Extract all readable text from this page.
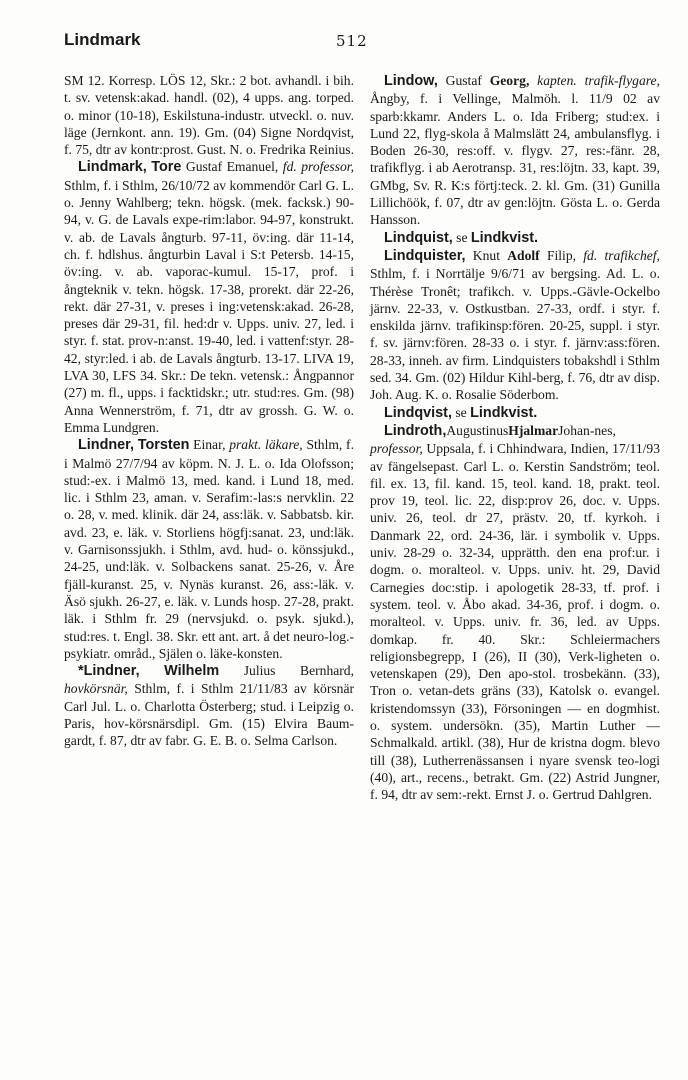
Lindmark	512

SM 12. Korresp. LÖS 12, Skr.: 2 bot. avhandl. i bih. t. sv. vetensk:akad. handl. (02), 4 upps. ang. torped. o. minor (10-18), Eskilstuna-industr. utveckl. o. nuv. läge (Jernkont. ann. 19). Gm. (04) Signe Nordqvist, f. 75, dtr av kontr:prost. Gust. N. o. Fredrika Reinius.

Lindmark, Tore Gustaf Emanuel, fd. professor, Sthlm, f. i Sthlm, 26/10/72 av kommendör Carl G. L. o. Jenny Wahlberg; tekn. högsk. (mek. facksk.) 90-94, v. G. de Lavals expe-rim:labor. 94-97, konstrukt. v. ab. de Lavals ångturb. 97-11, öv:ing. där 11-14, ch. f. hdlshus. ångturbin Laval i S:t Petersb. 14-15, öv:ing. v. ab. vaporac-kumul. 15-17, prof. i ångteknik v. tekn. högsk. 17-38, prorekt. där 22-26, rekt. där 27-31, v. preses i ing:vetensk:akad. 26-28, preses där 29-31, fil. hed:dr v. Upps. univ. 27, led. i styr. f. stat. prov-n:anst. 19-40, led. i vattenf:styr. 28-42, styr:led. i ab. de Lavals ångturb. 13-17. LIVA 19, LVA 30, LFS 34. Skr.: De tekn. vetensk.: Ångpannor (27) m. fl., upps. i facktidskr.; utr. stud:res. Gm. (98) Anna Wennerström, f. 71, dtr av grossh. G. W. o. Emma Lundgren.

Lindner, Torsten Einar, prakt. läkare, Sthlm, f. i Malmö 27/7/94 av köpm. N. J. L. o. Ida Olofsson; stud:-ex. i Malmö 13, med. kand. i Lund 18, med. lic. i Sthlm 23, aman. v. Serafim:-las:s nervklin. 22 o. 28, v. med. klinik. där 24, ass:läk. v. Sabbatsb. kir. avd. 23, e. läk. v. Storliens högfj:sanat. 23, und:läk. v. Garnisonssjukh. i Sthlm, avd. hud- o. könssjukd., 24-25, und:läk. v. Solbackens sanat. 25-26, v. Åre fjäll-kuranst. 25, v. Nynäs kuranst. 26, ass:-läk. v. Äsö sjukh. 26-27, e. läk. v. Lunds hosp. 27-28, prakt. läk. i Sthlm fr. 29 (nervsjukd. o. psyk. sjukd.), stud:res. t. Engl. 38. Skr. ett ant. art. å det neuro-log.-psykiatr. områd., Själen o. läke-konsten.

*Lindner, Wilhelm Julius Bernhard, hovkörsnär, Sthlm, f. i Sthlm 21/11/83 av körsnär Carl Jul. L. o. Charlotta Österberg; stud. i Leipzig o. Paris, hov-körsnärsdipl. Gm. (15) Elvira Baum-gardt, f. 87, dtr av fabr. G. E. B. o. Selma Carlson.

Lindow, Gustaf Georg, kapten. trafik-flygare, Ångby, f. i Vellinge, Malmöh. l. 11/9 02 av sparb:kkamr. Anders L. o. Ida Friberg; stud:ex. i Lund 22, flyg-skola å Malmslätt 24, ambulansflyg. i Boden 26-30, res:off. v. flygv. 27, res:-fänr. 28, trafikflyg. i ab Aerotransp. 31, res:löjtn. 33, kapt. 39, GMbg, Sv. R. K:s förtj:teck. 2. kl. Gm. (31) Gunilla Lillichöök, f. 07, dtr av gen:löjtn. Gösta L. o. Gerda Hansson.

Lindquist, se Lindkvist.

Lindquister, Knut Adolf Filip, fd. trafikchef, Sthlm, f. i Norrtälje 9/6/71 av bergsing. Ad. L. o. Thérèse Tronêt; trafikch. v. Upps.-Gävle-Ockelbo järnv. 22-33, v. Ostkustban. 27-33, ordf. i styr. f. enskilda järnv. trafikinsp:fören. 20-25, suppl. i styr. f. sv. järnv:fören. 28-33 o. i styr. f. järnv:ass:fören. 28-33, inneh. av firm. Lindquisters tobakshdl i Sthlm sed. 34. Gm. (02) Hildur Kihl-berg, f. 76, dtr av disp. Joh. Aug. K. o. Rosalie Söderbom.

Lindqvist, se Lindkvist.

Lindroth,AugustinusHjalmarJohan-nes, professor, Uppsala, f. i Chhindwara, Indien, 17/11/93 av fängelsepast. Carl L. o. Kerstin Sandström; teol. fil. ex. 13, fil. kand. 15, teol. kand. 18, prakt. teol. prov 19, teol. lic. 22, disp:prov 26, doc. v. Upps. univ. 26, teol. dr 27, prästv. 20, tf. kyrkoh. i Danmark 22, ord. 24-36, lär. i symbolik v. Upps. univ. 28-29 o. 32-34, upprätth. den ena prof:ur. i dogm. o. moralteol. v. Upps. univ. ht. 29, David Carnegies doc:stip. i apologetik 28-33, tf. prof. i system. teol. v. Åbo akad. 34-36, prof. i dogm. o. moralteol. v. Upps. univ. fr. 36, led. av Upps. domkap. fr. 40. Skr.: Schleiermachers religionsbegrepp, I (26), II (30), Verk-ligheten o. vetenskapen (29), Den apo-stol. trosbekänn. (33), Tron o. vetan-dets gräns (33), Katolsk o. evangel. kristendomssyn (33), Försoningen — en dogmhist. o. system. undersökn. (35), Martin Luther — Schmalkald. artikl. (38), Hur de kristna dogm. blevo till (38), Lutherrenässansen i nyare svensk teo-logi (40), art., recens., betrakt. Gm. (22) Astrid Jungner, f. 94, dtr av sem:-rekt. Ernst J. o. Gertrud Dahlgren.
